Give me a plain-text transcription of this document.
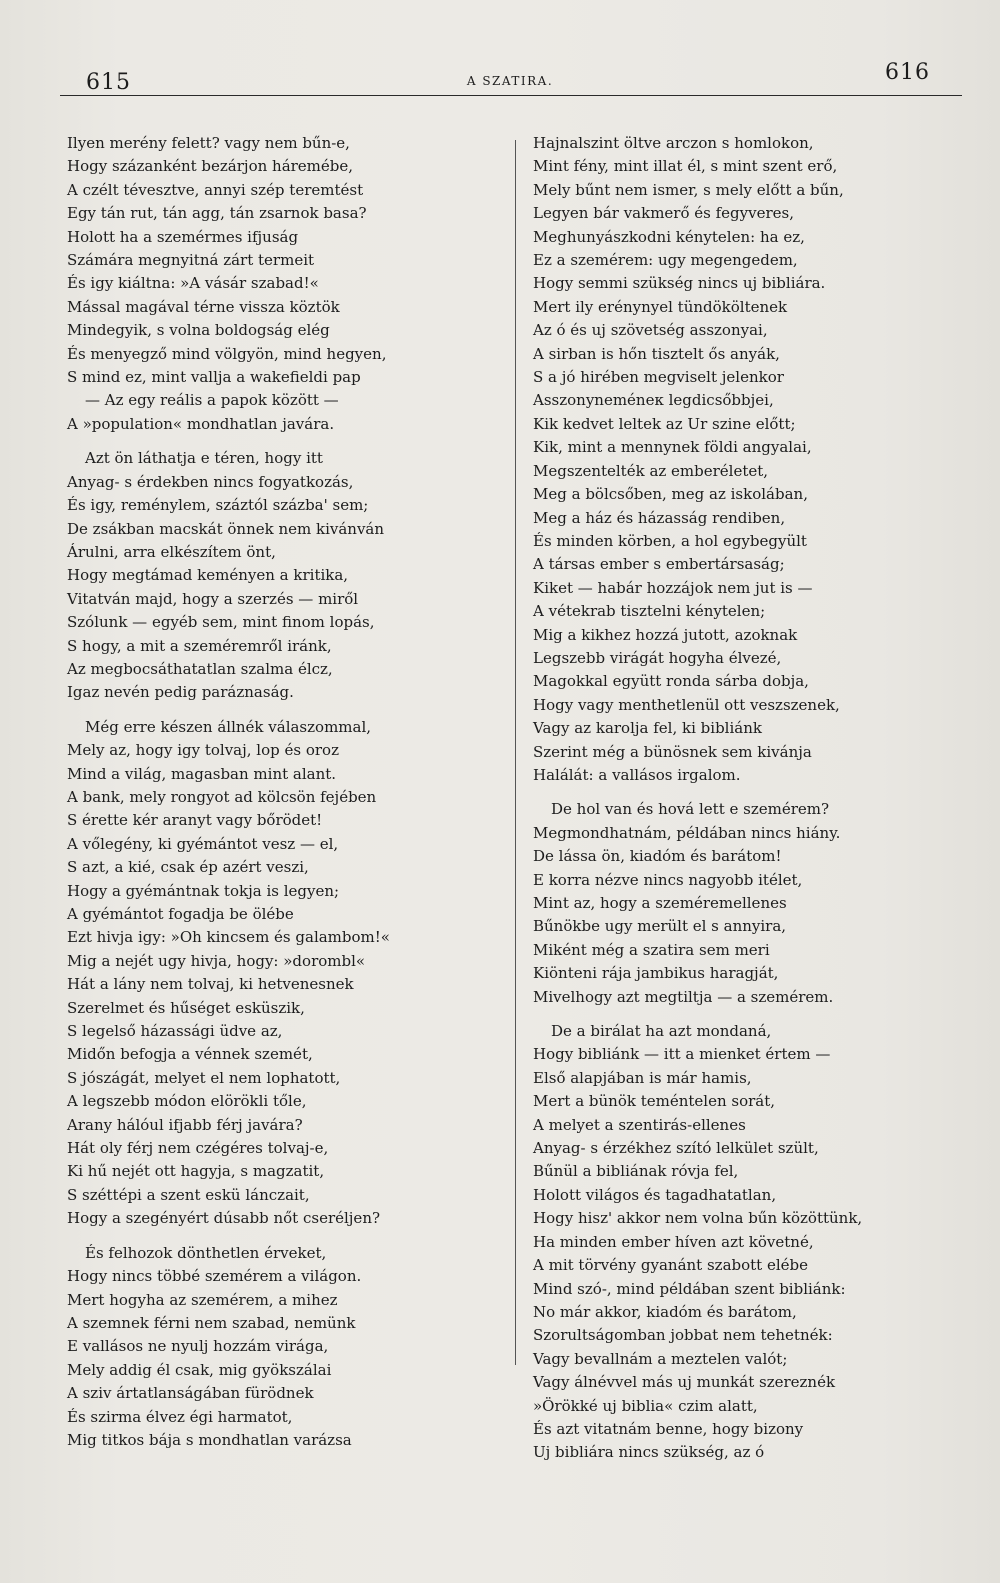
615	A SZATIRA.	616
Ilyen merény felett? vagy nem bűn-e,
Hogy százanként bezárjon háremébe,
A czélt tévesztve, annyi szép teremtést
Egy tán rut, tán agg, tán zsarnok basa?
Holott ha a szemérmes ifjuság
Számára megnyitná zárt termeit
És igy kiáltna: »A vásár szabad!«
Mással magával térne vissza köztök
Mindegyik, s volna boldogság elég
És menyegző mind völgyön, mind hegyen,
S mind ez, mint vallja a wakefieldi pap
— Az egy reális a papok között —
A »population« mondhatlan javára.
Azt ön láthatja e téren, hogy itt
Anyag- s érdekben nincs fogyatkozás,
És igy, reménylem, száztól százba' sem;
De zsákban macskát önnek nem kivánván
Árulni, arra elkészítem önt,
Hogy megtámad keményen a kritika,
Vitatván majd, hogy a szerzés — miről
Szólunk — egyéb sem, mint finom lopás,
S hogy, a mit a szeméremről iránk,
Az megbocsáthatatlan szalma élcz,
Igaz nevén pedig paráznaság.
Még erre készen állnék válaszommal,
Mely az, hogy igy tolvaj, lop és oroz
Mind a világ, magasban mint alant.
A bank, mely rongyot ad kölcsön fejében
S érette kér aranyt vagy bőrödet!
A vőlegény, ki gyémántot vesz — el,
S azt, a kié, csak ép azért veszi,
Hogy a gyémántnak tokja is legyen;
A gyémántot fogadja be ölébe
Ezt hivja igy: »Oh kincsem és galambom!«
Mig a nejét ugy hivja, hogy: »dorombl«
Hát a lány nem tolvaj, ki hetvenesnek
Szerelmet és hűséget esküszik,
S legelső házassági üdve az,
Midőn befogja a vénnek szemét,
S jószágát, melyet el nem lophatott,
A legszebb módon elörökli tőle,
Arany hálóul ifjabb férj javára?
Hát oly férj nem czégéres tolvaj-e,
Ki hű nejét ott hagyja, s magzatit,
S széttépi a szent eskü lánczait,
Hogy a szegényért dúsabb nőt cseréljen?
És felhozok dönthetlen érveket,
Hogy nincs többé szemérem a világon.
Mert hogyha az szemérem, a mihez
A szemnek férni nem szabad, nemünk
E vallásos ne nyulj hozzám virága,
Mely addig él csak, mig gyökszálai
A sziv ártatlanságában fürödnek
És szirma élvez égi harmatot,
Mig titkos bája s mondhatlan varázsa
Hajnalszint öltve arczon s homlokon,
Mint fény, mint illat él, s mint szent erő,
Mely bűnt nem ismer, s mely előtt a bűn,
Legyen bár vakmerő és fegyveres,
Meghunyászkodni kénytelen: ha ez,
Ez a szemérem: ugy megengedem,
Hogy semmi szükség nincs uj bibliára.
Mert ily erénynyel tündököltenek
Az ó és uj szövetség asszonyai,
A sirban is hőn tisztelt ős anyák,
S a jó hirében megviselt jelenkor
Asszonyneméneк legdicsőbbjei,
Kik kedvet leltek az Ur szine előtt;
Kik, mint a mennynek földi angyalai,
Megszentelték az emberéletet,
Meg a bölcsőben, meg az iskolában,
Meg a ház és házasság rendiben,
És minden körben, a hol egybegyült
A társas ember s embertársaság;
Kiket — habár hozzájok nem jut is —
A vétekrab tisztelni kénytelen;
Mig a kikhez hozzá jutott, azoknak
Legszebb virágát hogyha élvezé,
Magokkal együtt ronda sárba dobja,
Hogy vagy menthetlenül ott veszszenek,
Vagy az karolja fel, ki bibliánk
Szerint még a bünösnek sem kivánja
Halálát: a vallásos irgalom.
De hol van és hová lett e szemérem?
Megmondhatnám, példában nincs hiány.
De lássa ön, kiadóm és barátom!
E korra nézve nincs nagyobb itélet,
Mint az, hogy a szeméremellenes
Bűnökbe ugy merült el s annyira,
Miként még a szatira sem meri
Kiönteni rája jambikus haragját,
Mivelhogy azt megtiltja — a szemérem.
De a birálat ha azt mondaná,
Hogy bibliánk — itt a mienket értem —
Első alapjában is már hamis,
Mert a bünök teméntelen sorát,
A melyet a szentirás-ellenes
Anyag- s érzékhez szító lelkület szült,
Bűnül a bibliának róvja fel,
Holott világos és tagadhatatlan,
Hogy hisz' akkor nem volna bűn közöttünk,
Ha minden ember híven azt követné,
A mit törvény gyanánt szabott elébe
Mind szó-, mind példában szent bibliánk:
No már akkor, kiadóm és barátom,
Szorultságomban jobbat nem tehetnék:
Vagy bevallnám a meztelen valót;
Vagy álnévvel más uj munkát szereznék
»Örökké uj biblia« czim alatt,
És azt vitatnám benne, hogy bizony
Uj bibliára nincs szükség, az ó
